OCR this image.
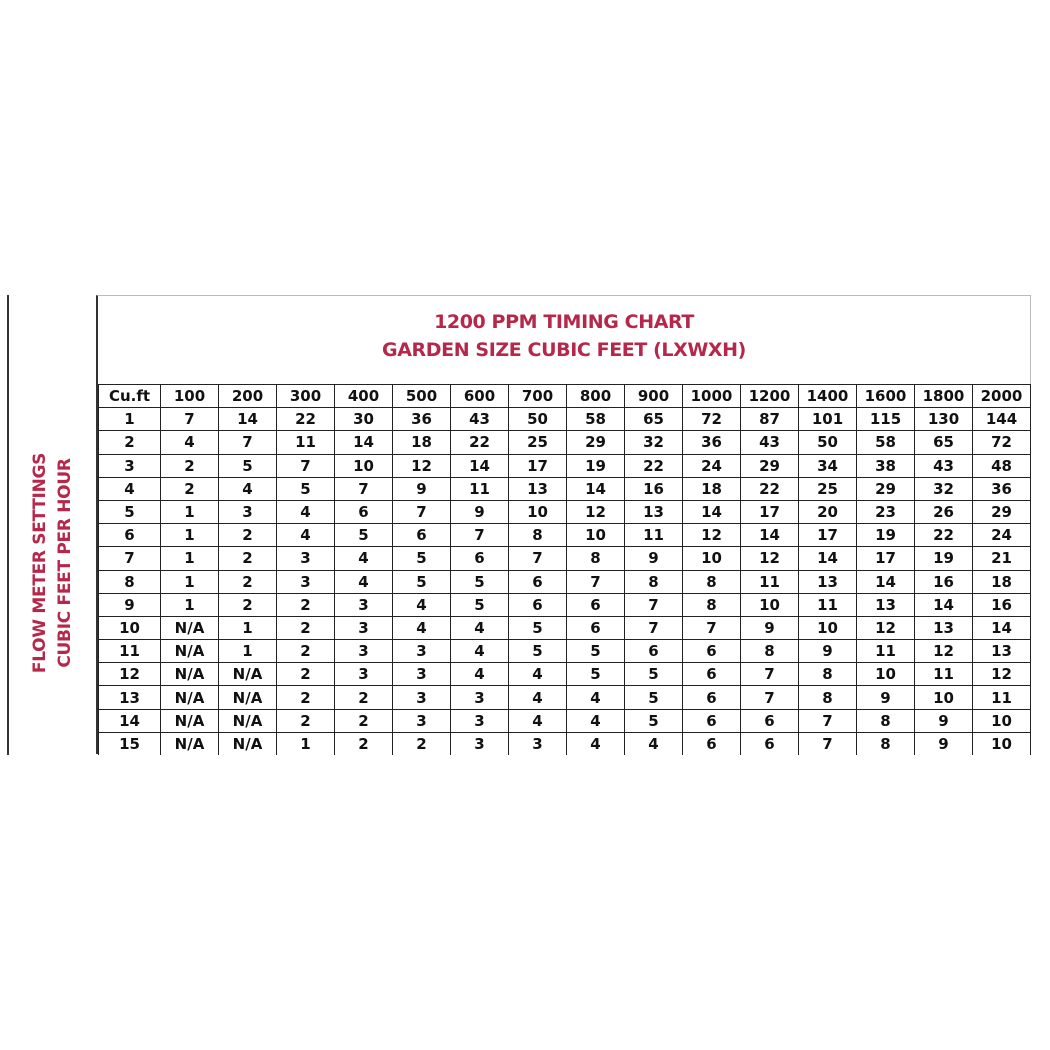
FLOW METER SETTINGS CUBIC FEET PER HOUR
1200 PPM TIMING CHART
GARDEN SIZE CUBIC FEET (LXWXH)
Cu.ft	100	200	300	400	500	600	700	800	900	1000	1200	1400	1600	1800	2000
1	7	14	22	30	36	43	50	58	65	72	87	101	115	130	144
2	4	7	11	14	18	22	25	29	32	36	43	50	58	65	72
3	2	5	7	10	12	14	17	19	22	24	29	34	38	43	48
4	2	4	5	7	9	11	13	14	16	18	22	25	29	32	36
5	1	3	4	6	7	9	10	12	13	14	17	20	23	26	29
6	1	2	4	5	6	7	8	10	11	12	14	17	19	22	24
7	1	2	3	4	5	6	7	8	9	10	12	14	17	19	21
8	1	2	3	4	5	5	6	7	8	8	11	13	14	16	18
9	1	2	2	3	4	5	6	6	7	8	10	11	13	14	16
10	N/A	1	2	3	4	4	5	6	7	7	9	10	12	13	14
11	N/A	1	2	3	3	4	5	5	6	6	8	9	11	12	13
12	N/A	N/A	2	3	3	4	4	5	5	6	7	8	10	11	12
13	N/A	N/A	2	2	3	3	4	4	5	6	7	8	9	10	11
14	N/A	N/A	2	2	3	3	4	4	5	6	6	7	8	9	10
15	N/A	N/A	1	2	2	3	3	4	4	6	6	7	8	9	10
